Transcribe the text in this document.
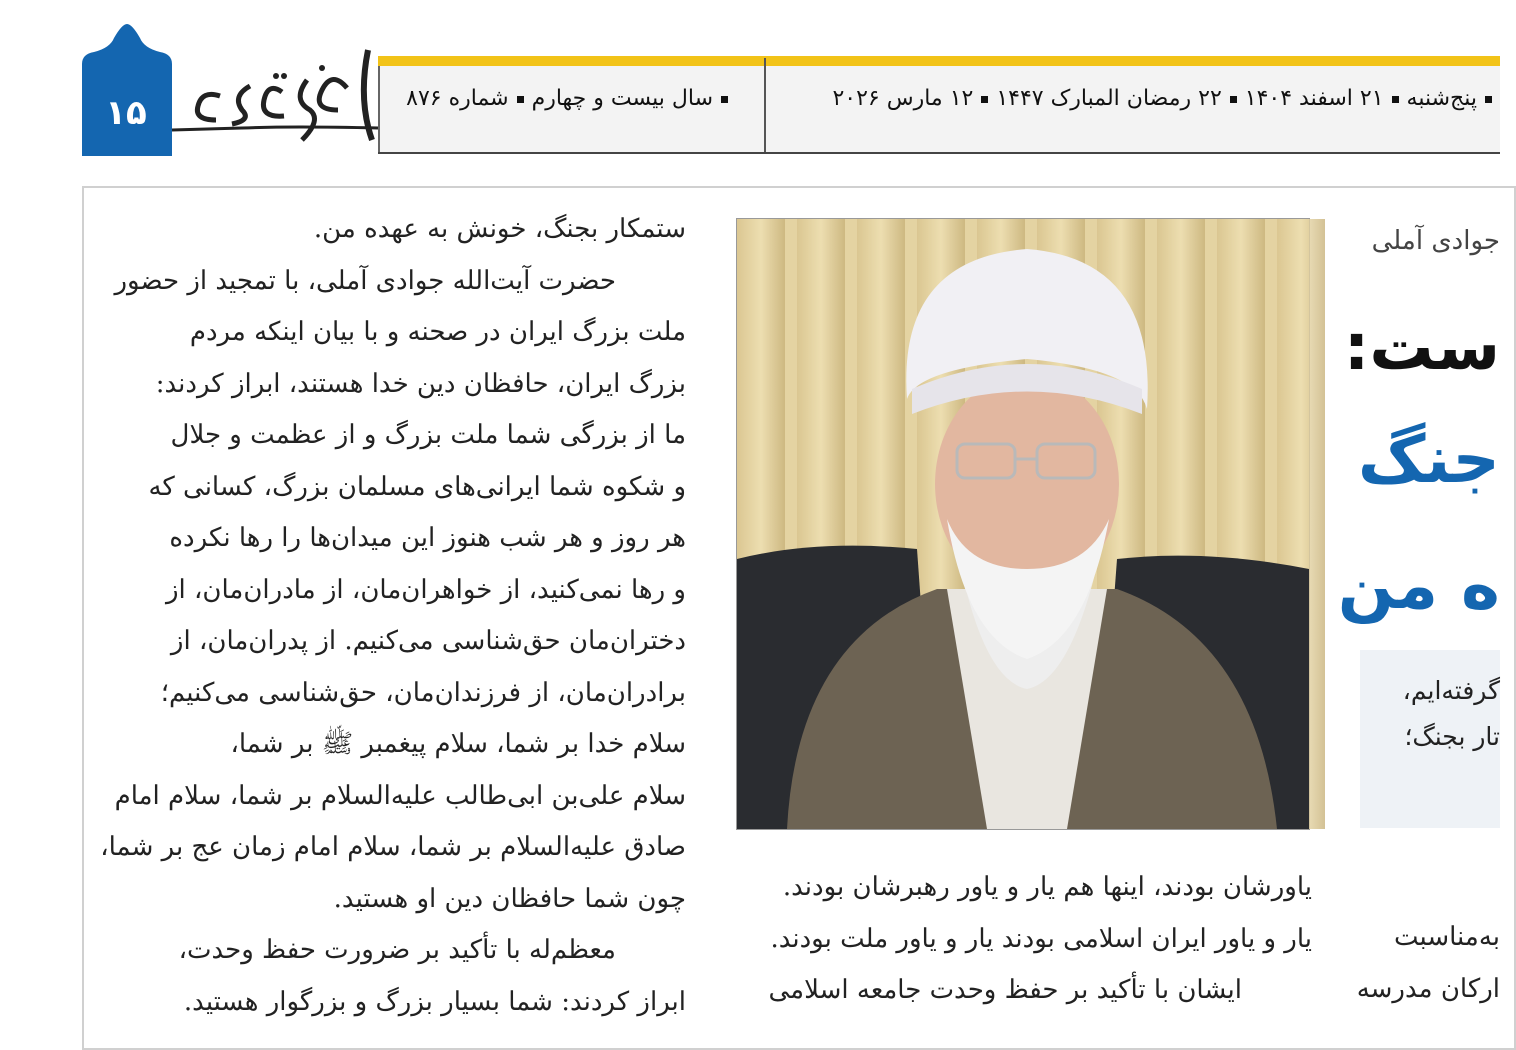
سال بیست و چهارمشماره ۸۷۶	پنج‌شنبه۲۱ اسفند ۱۴۰۴۲۲ رمضان المبارک ۱۴۴۷۱۲ مارس ۲۰۲۶
۱۵
افق حوزه

ستمکار بجنگ، خونش به عهده من.

حضرت آیت‌الله جوادی آملی، با تمجید از حضور

ملت بزرگ ایران در صحنه و با بیان اینکه مردم

بزرگ ایران، حافظان دین خدا هستند، ابراز کردند:

ما از بزرگی شما ملت بزرگ و از عظمت و جلال

و شکوه شما ایرانی‌های مسلمان بزرگ، کسانی که

هر روز و هر شب هنوز این میدان‌ها را رها نکرده

و رها نمی‌کنید، از خواهران‌مان، از مادران‌مان، از

دختران‌مان حق‌شناسی می‌کنیم. از پدران‌مان، از

برادران‌مان، از فرزندان‌مان، حق‌شناسی می‌کنیم؛

سلام خدا بر شما، سلام پیغمبر ﷺ بر شما،

سلام علی‌بن ابی‌طالب علیه‌السلام بر شما، سلام امام

صادق علیه‌السلام بر شما، سلام امام زمان عج بر شما،

چون شما حافظان دین او هستید.

معظم‌له با تأکید بر ضرورت حفظ وحدت،

ابراز کردند: شما بسیار بزرگ و بزرگوار هستید.

یاورشان بودند، اینها هم یار و یاور رهبرشان بودند.

یار و یاور ایران اسلامی بودند یار و یاور ملت بودند.

ایشان با تأکید بر حفظ وحدت جامعه اسلامی

جوادی آملی
ست:
جنگ
ه من
گرفته‌ایم،
تار بجنگ؛

به‌مناسبت

ارکان مدرسه
